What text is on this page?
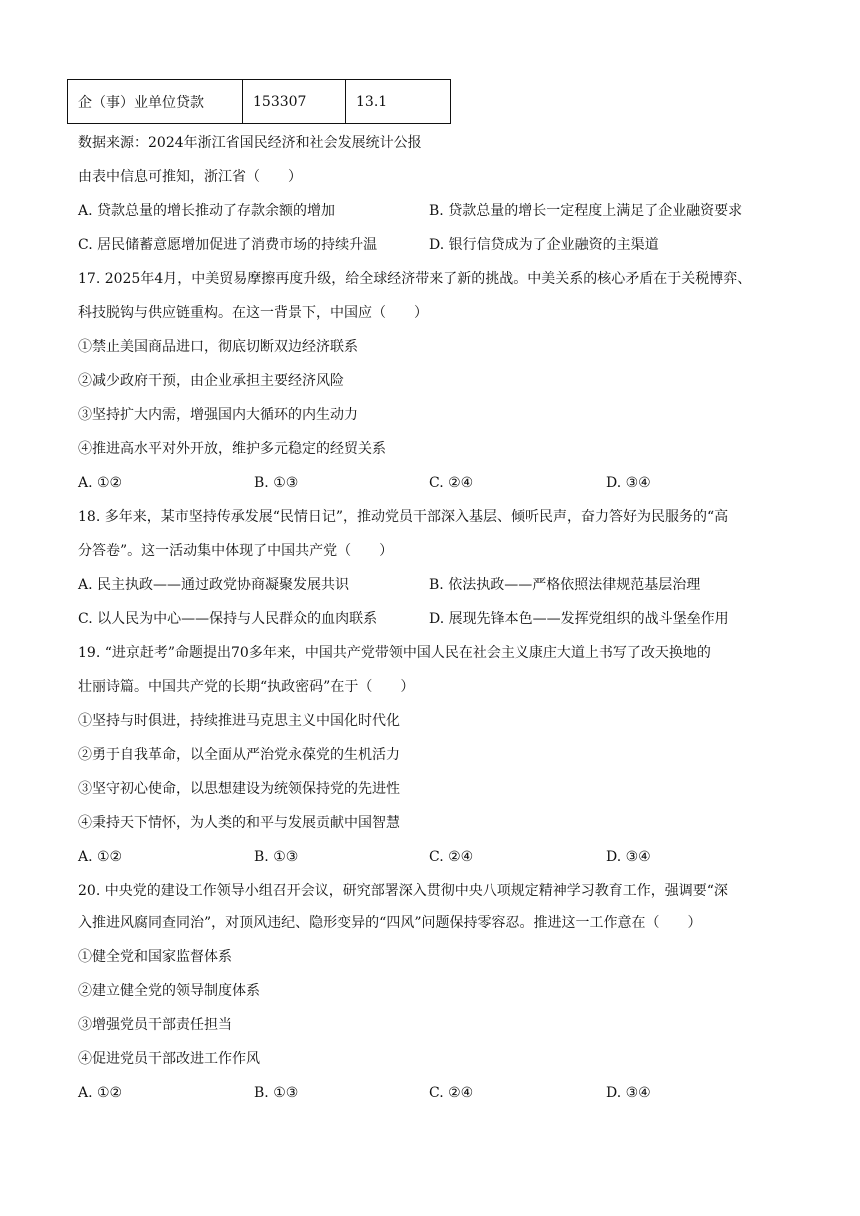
企（事）业单位贷款	153307	13.1
数据来源：2024年浙江省国民经济和社会发展统计公报
由表中信息可推知，浙江省（　　）
A. 贷款总量的增长推动了存款余额的增加	B. 贷款总量的增长一定程度上满足了企业融资要求
C. 居民储蓄意愿增加促进了消费市场的持续升温	D. 银行信贷成为了企业融资的主渠道
17. 2025年4月，中美贸易摩擦再度升级，给全球经济带来了新的挑战。中美关系的核心矛盾在于关税博弈、
科技脱钩与供应链重构。在这一背景下，中国应（　　）
①禁止美国商品进口，彻底切断双边经济联系
②减少政府干预，由企业承担主要经济风险
③坚持扩大内需，增强国内大循环的内生动力
④推进高水平对外开放，维护多元稳定的经贸关系
A. ①②	B. ①③	C. ②④	D. ③④
18. 多年来，某市坚持传承发展“民情日记”，推动党员干部深入基层、倾听民声，奋力答好为民服务的“高
分答卷”。这一活动集中体现了中国共产党（　　）
A. 民主执政——通过政党协商凝聚发展共识	B. 依法执政——严格依照法律规范基层治理
C. 以人民为中心——保持与人民群众的血肉联系	D. 展现先锋本色——发挥党组织的战斗堡垒作用
19. “进京赶考”命题提出70多年来，中国共产党带领中国人民在社会主义康庄大道上书写了改天换地的
壮丽诗篇。中国共产党的长期“执政密码”在于（　　）
①坚持与时俱进，持续推进马克思主义中国化时代化
②勇于自我革命，以全面从严治党永葆党的生机活力
③坚守初心使命，以思想建设为统领保持党的先进性
④秉持天下情怀，为人类的和平与发展贡献中国智慧
A. ①②	B. ①③	C. ②④	D. ③④
20. 中央党的建设工作领导小组召开会议，研究部署深入贯彻中央八项规定精神学习教育工作，强调要“深
入推进风腐同查同治”，对顶风违纪、隐形变异的“四风”问题保持零容忍。推进这一工作意在（　　）
①健全党和国家监督体系
②建立健全党的领导制度体系
③增强党员干部责任担当
④促进党员干部改进工作作风
A. ①②	B. ①③	C. ②④	D. ③④
